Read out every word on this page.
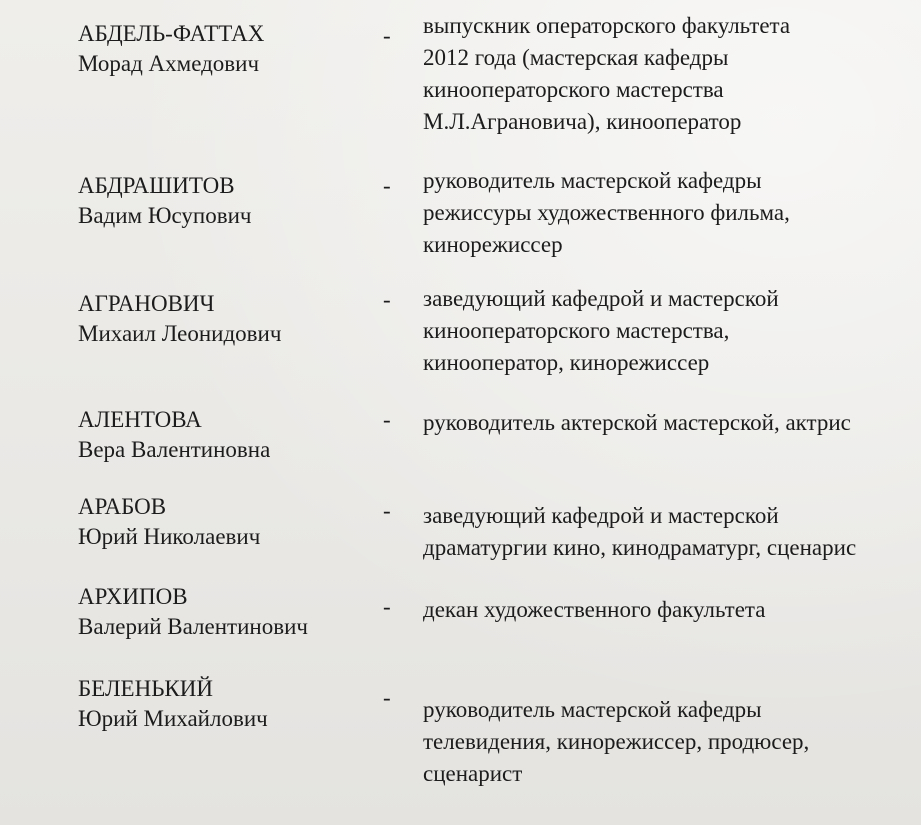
АБДЕЛЬ-ФАТТАХ
Морад Ахмедович
- выпускник операторского факультета
2012 года (мастерская кафедры
кинооператорского мастерства
М.Л.Аграновича), кинооператор
АБДРАШИТОВ
Вадим Юсупович
- руководитель мастерской кафедры
режиссуры художественного фильма,
кинорежиссер
АГРАНОВИЧ
Михаил Леонидович
- заведующий кафедрой и мастерской
кинооператорского мастерства,
кинооператор, кинорежиссер
АЛЕНТОВА
Вера Валентиновна
- руководитель актерской мастерской, актрис
АРАБОВ
Юрий Николаевич
- заведующий кафедрой и мастерской
драматургии кино, кинодраматург, сценарис
АРХИПОВ
Валерий Валентинович
- декан художественного факультета
БЕЛЕНЬКИЙ
Юрий Михайлович
- руководитель мастерской кафедры
телевидения, кинорежиссер, продюсер,
сценарист
